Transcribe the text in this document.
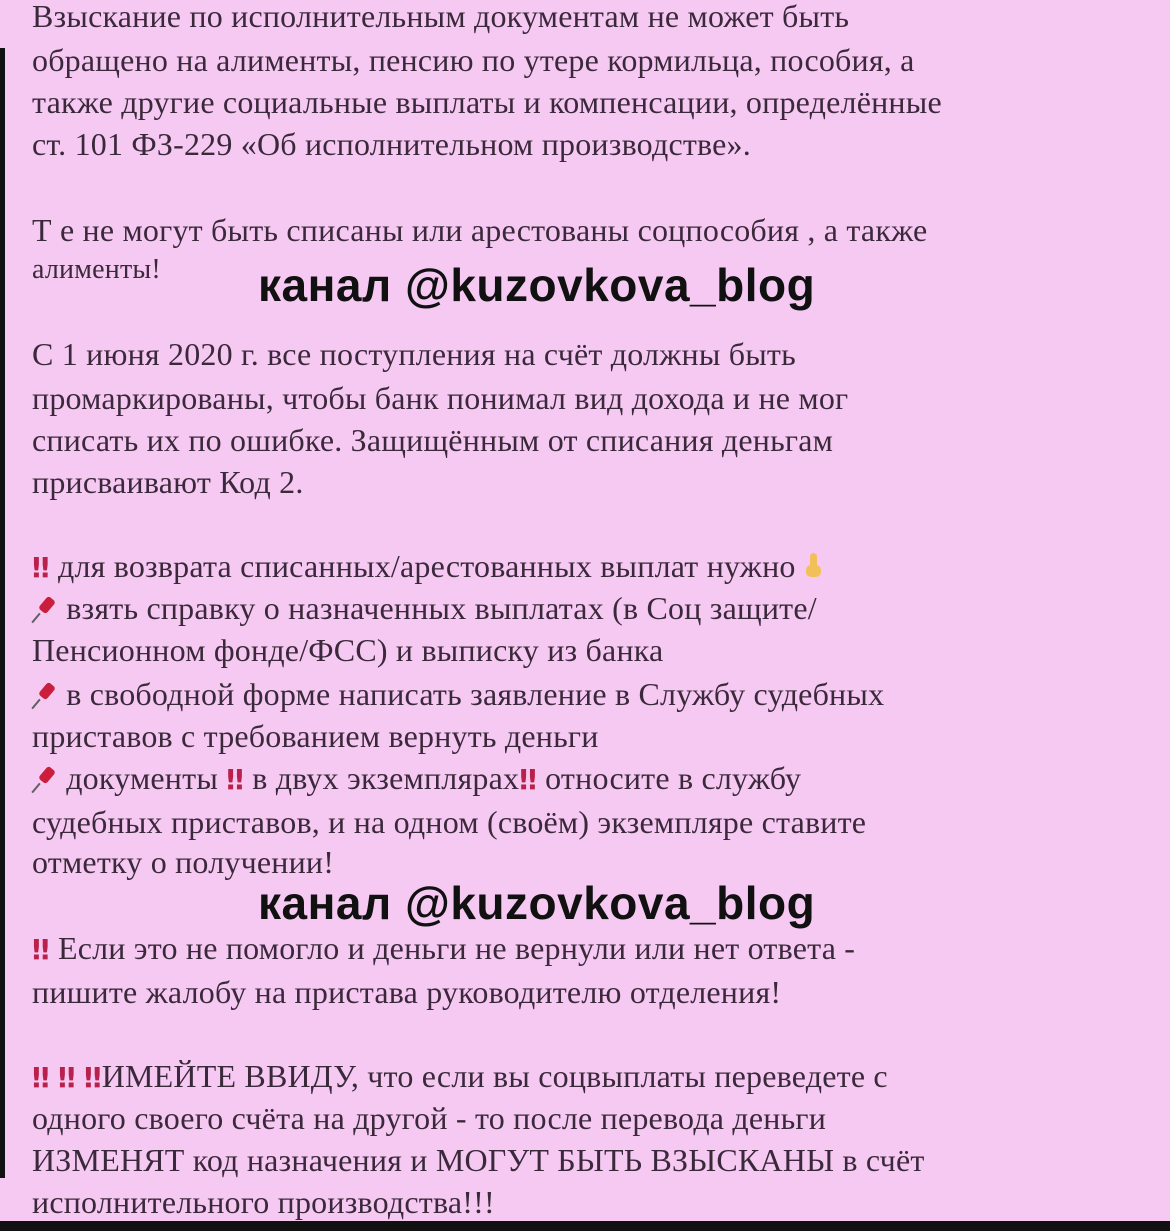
Взыскание по исполнительным документам не может быть
обращено на алименты, пенсию по утере кормильца, пособия, а
также другие социальные выплаты и компенсации, определённые
ст. 101 ФЗ-229 «Об исполнительном производстве».
Т е не могут быть списаны или арестованы соцпособия , а также
алименты!
С 1 июня 2020 г. все поступления на счёт должны быть
промаркированы, чтобы банк понимал вид дохода и не мог
списать их по ошибке. Защищённым от списания деньгам
присваивают Код 2.
‼ для возврата списанных/арестованных выплат нужно
взять справку о назначенных выплатах (в Соц защите/
Пенсионном фонде/ФСС) и выписку из банка
в свободной форме написать заявление в Службу судебных
приставов с требованием вернуть деньги
документы ‼ в двух экземплярах‼ относите в службу
судебных приставов, и на одном (своём) экземпляре ставите
отметку о получении!
‼ Если это не помогло и деньги не вернули или нет ответа -
пишите жалобу на пристава руководителю отделения!
‼ ‼ ‼ИМЕЙТЕ ВВИДУ, что если вы соцвыплаты переведете с
одного своего счёта на другой - то после перевода деньги
ИЗМЕНЯТ код назначения и МОГУТ БЫТЬ ВЗЫСКАНЫ в счёт
исполнительного производства!!!
канал @kuzovkova_blog
канал @kuzovkova_blog
